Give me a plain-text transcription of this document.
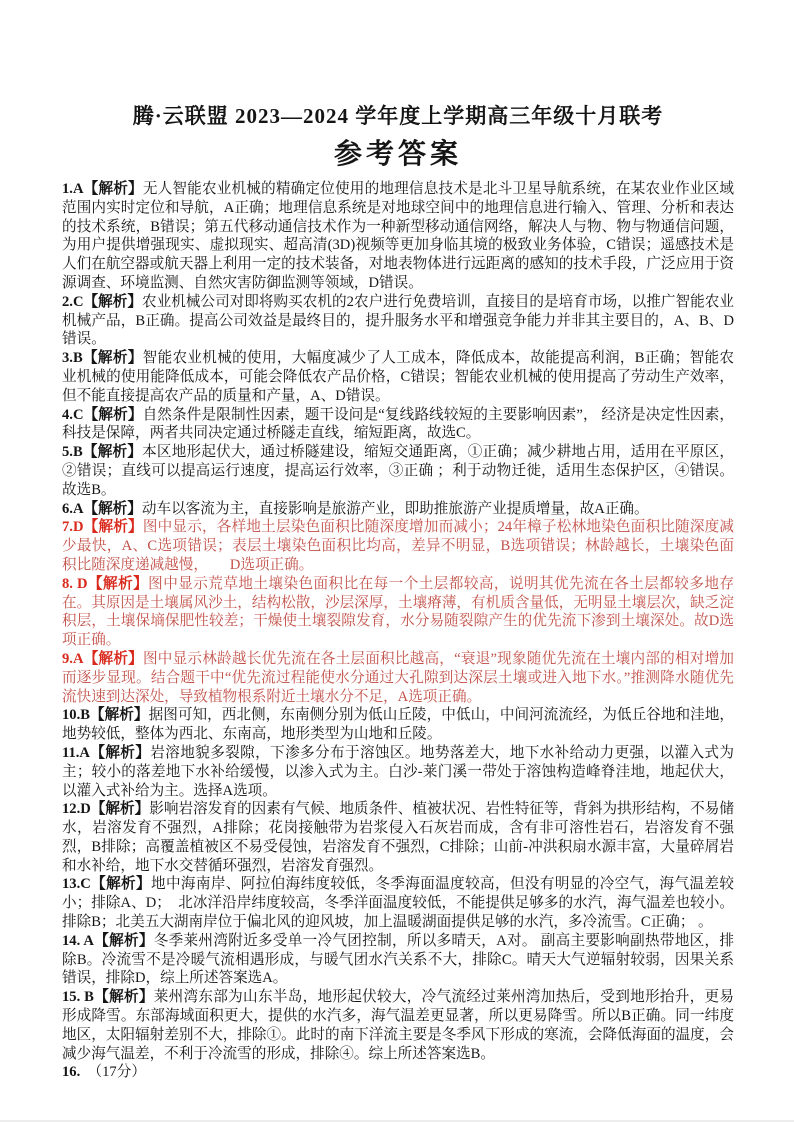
腾·云联盟 2023—2024 学年度上学期高三年级十月联考
参考答案

1.A【解析】无人智能农业机械的精确定位使用的地理信息技术是北斗卫星导航系统，在某农业作业区域范围内实时定位和导航，A正确；地理信息系统是对地球空间中的地理信息进行输入、管理、分析和表达的技术系统，B错误；第五代移动通信技术作为一种新型移动通信网络，解决人与物、物与物通信问题，为用户提供增强现实、虚拟现实、超高清(3D)视频等更加身临其境的极致业务体验，C错误；遥感技术是人们在航空器或航天器上利用一定的技术装备，对地表物体进行远距离的感知的技术手段，广泛应用于资源调查、环境监测、自然灾害防御监测等领域，D错误。

2.C【解析】农业机械公司对即将购买农机的2农户进行免费培训，直接目的是培育市场，以推广智能农业机械产品，B正确。提高公司效益是最终目的，提升服务水平和增强竞争能力并非其主要目的，A、B、D错误。

3.B【解析】智能农业机械的使用，大幅度减少了人工成本，降低成本，故能提高利润，B正确；智能农业机械的使用能降低成本，可能会降低农产品价格，C错误；智能农业机械的使用提高了劳动生产效率，但不能直接提高农产品的质量和产量，A、D错误。

4.C【解析】自然条件是限制性因素，题干设问是“复线路线较短的主要影响因素”， 经济是决定性因素，科技是保障，两者共同决定通过桥隧走直线，缩短距离，故选C。

5.B【解析】本区地形起伏大，通过桥隧建设，缩短交通距离，①正确；减少耕地占用，适用在平原区，②错误；直线可以提高运行速度，提高运行效率，③正确 ；利于动物迁徙，适用生态保护区，④错误。故选B。

6.A【解析】动车以客流为主，直接影响是旅游产业，即助推旅游产业提质增量，故A正确。

7.D【解析】图中显示，各样地土层染色面积比随深度增加而减小；24年樟子松林地染色面积比随深度减少最快，A、C选项错误；表层土壤染色面积比均高，差异不明显，B选项错误；林龄越长，土壤染色面积比随深度递减越慢，　　D选项正确。

8. D【解析】图中显示荒草地土壤染色面积比在每一个土层都较高，说明其优先流在各土层都较多地存在。其原因是土壤属风沙土，结构松散，沙层深厚，土壤瘠薄，有机质含量低，无明显土壤层次，缺乏淀积层，土壤保墒保肥性较差；干燥使土壤裂隙发育，水分易随裂隙产生的优先流下渗到土壤深处。故D选项正确。

9.A【解析】图中显示林龄越长优先流在各土层面积比越高，“衰退”现象随优先流在土壤内部的相对增加而逐步显现。结合题干中“优先流过程能使水分通过大孔隙到达深层土壤或进入地下水。”推测降水随优先流快速到达深处，导致植物根系附近土壤水分不足，A选项正确。

10.B【解析】据图可知，西北侧，东南侧分别为低山丘陵，中低山，中间河流流经，为低丘谷地和洼地，地势较低，整体为西北、东南高，地形类型为山地和丘陵。

11.A【解析】岩溶地貌多裂隙，下渗多分布于溶蚀区。地势落差大，地下水补给动力更强，以灌入式为主；较小的落差地下水补给缓慢，以渗入式为主。白沙-莱门溪一带处于溶蚀构造峰脊洼地，地起伏大，以灌入式补给为主。选择A选项。

12.D【解析】影响岩溶发育的因素有气候、地质条件、植被状况、岩性特征等，背斜为拱形结构，不易储水，岩溶发育不强烈，A排除；花岗接触带为岩浆侵入石灰岩而成，含有非可溶性岩石，岩溶发育不强烈，B排除；高覆盖植被区不易受侵蚀，岩溶发育不强烈，C排除；山前-冲洪积扇水源丰富，大量碎屑岩和水补给，地下水交替循环强烈，岩溶发育强烈。

13.C【解析】地中海南岸、阿拉伯海纬度较低，冬季海面温度较高，但没有明显的冷空气，海气温差较小；排除A、D；　北冰洋沿岸纬度较高，冬季洋面温度较低，不能提供足够多的水汽，海气温差也较小。排除B；北美五大湖南岸位于偏北风的迎风坡，加上温暖湖面提供足够的水汽，多冷流雪。C正确； 。

14. A【解析】冬季莱州湾附近多受单一冷气团控制，所以多晴天，A对。 副高主要影响副热带地区，排除B。冷流雪不是冷暖气流相遇形成，与暖气团水汽关系不大，排除C。晴天大气逆辐射较弱，因果关系错误，排除D，综上所述答案选A。

15. B【解析】莱州湾东部为山东半岛，地形起伏较大，冷气流经过莱州湾加热后，受到地形抬升，更易形成降雪。东部海域面积更大，提供的水汽多，海气温差更显著，所以更易降雪。所以B正确。同一纬度地区，太阳辐射差别不大，排除①。此时的南下洋流主要是冬季风下形成的寒流，会降低海面的温度，会减少海气温差，不利于冷流雪的形成，排除④。综上所述答案选B。

16.　（17分）
